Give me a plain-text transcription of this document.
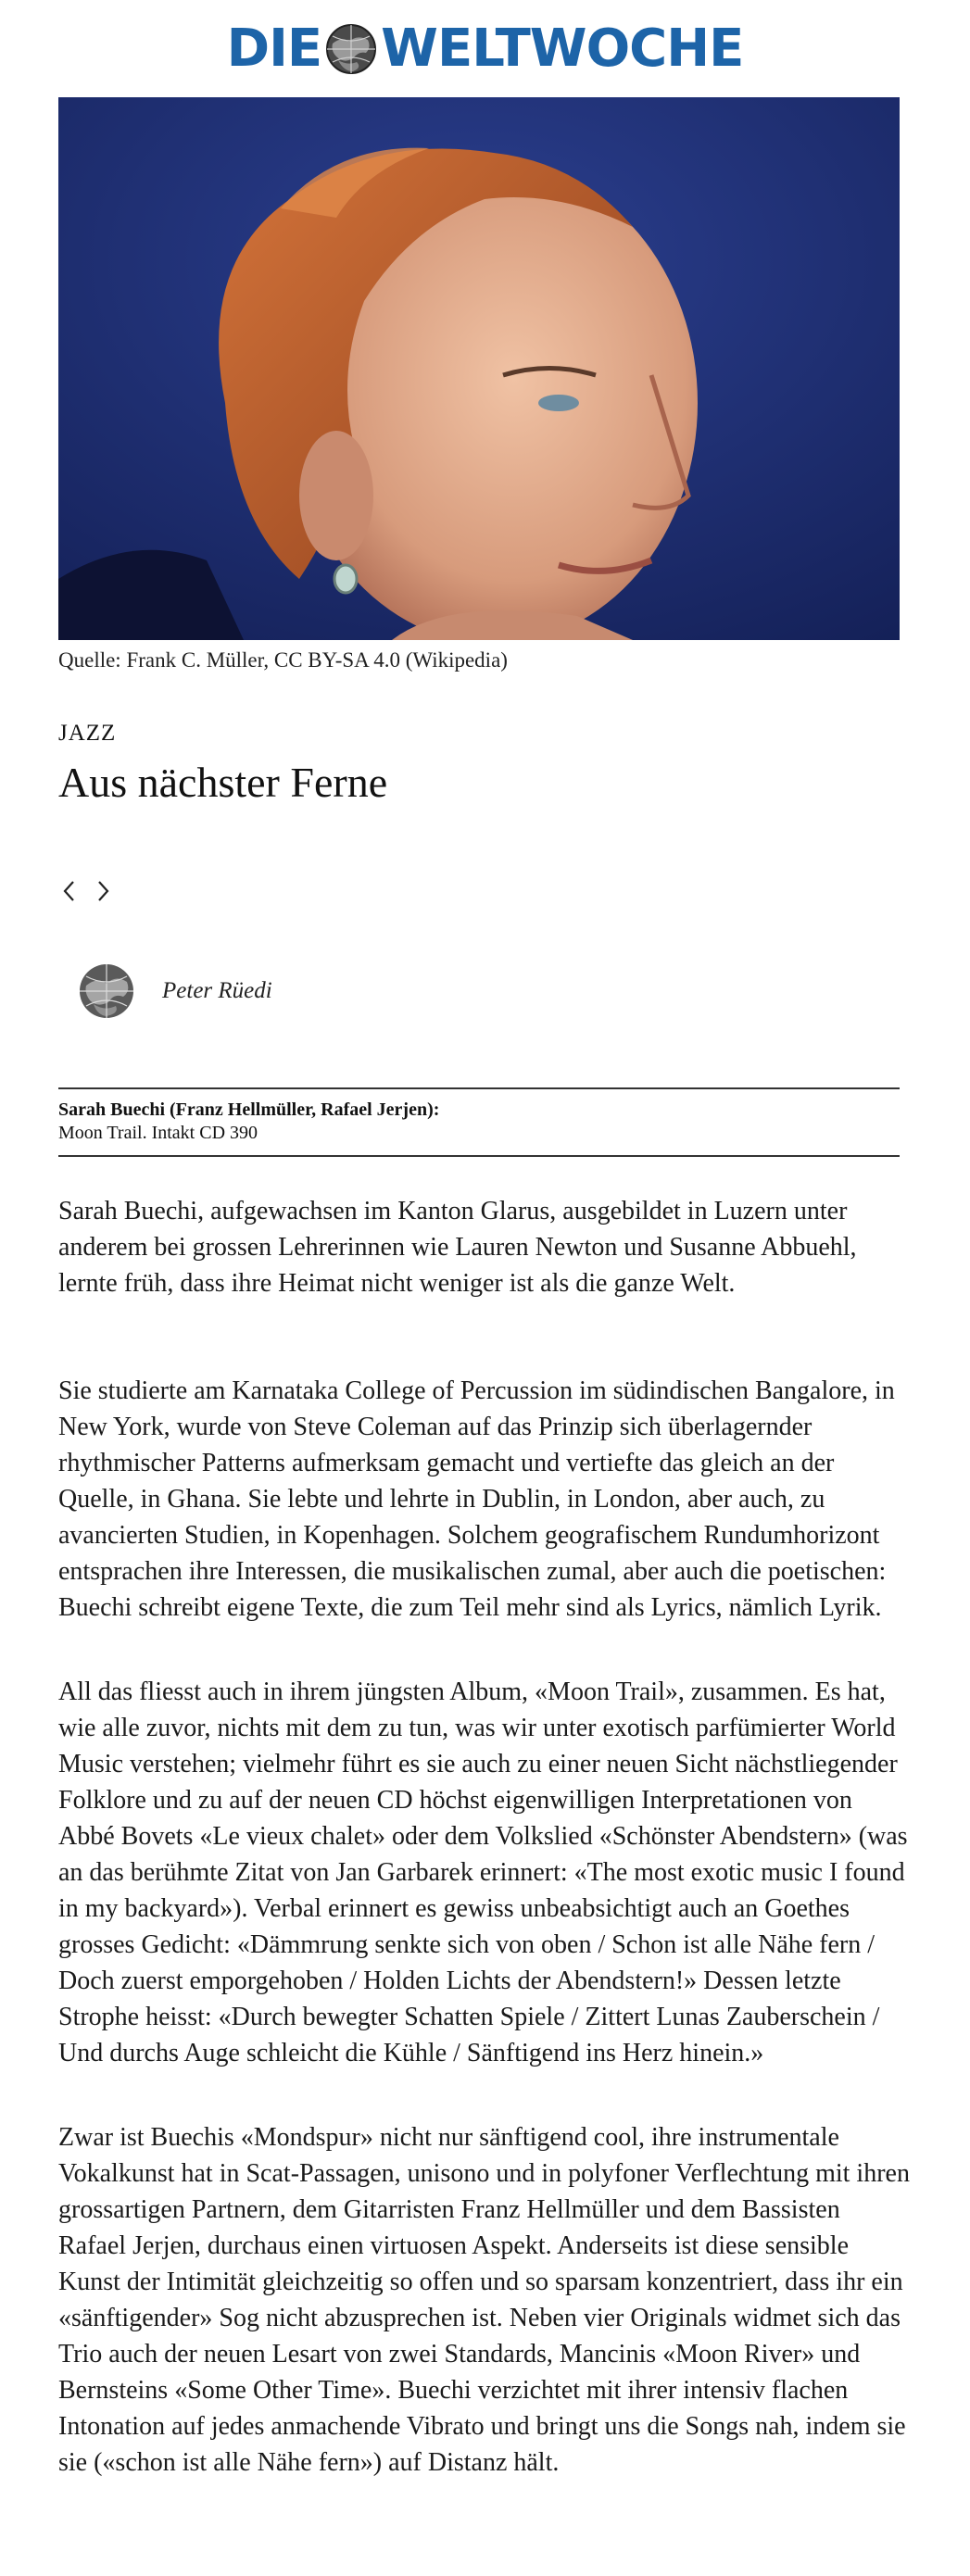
DIE WELTWOCHE

Quelle: Frank C. Müller, CC BY-SA 4.0 (Wikipedia)

JAZZ
Aus nächster Ferne
Peter Rüedi
Sarah Buechi (Franz Hellmüller, Rafael Jerjen):
Moon Trail. Intakt CD 390

Sarah Buechi, aufgewachsen im Kanton Glarus, ausgebildet in Luzern unter anderem bei grossen Lehrerinnen wie Lauren Newton und Susanne Abbuehl, lernte früh, dass ihre Heimat nicht weniger ist als die ganze Welt.

Sie studierte am Karnataka College of Percussion im südindischen Bangalore, in New York, wurde von Steve Coleman auf das Prinzip sich überlagernder rhythmischer Patterns aufmerksam gemacht und vertiefte das gleich an der Quelle, in Ghana. Sie lebte und lehrte in Dublin, in London, aber auch, zu avancierten Studien, in Kopenhagen. Solchem geografischem Rundumhorizont entsprachen ihre Interessen, die musikalischen zumal, aber auch die poetischen: Buechi schreibt eigene Texte, die zum Teil mehr sind als Lyrics, nämlich Lyrik.

All das fliesst auch in ihrem jüngsten Album, «Moon Trail», zusammen. Es hat, wie alle zuvor, nichts mit dem zu tun, was wir unter exotisch parfümierter World Music verstehen; vielmehr führt es sie auch zu einer neuen Sicht nächstliegender Folklore und zu auf der neuen CD höchst eigenwilligen Interpretationen von Abbé Bovets «Le vieux chalet» oder dem Volkslied «Schönster Abendstern» (was an das berühmte Zitat von Jan Garbarek erinnert: «The most exotic music I found in my backyard»). Verbal erinnert es gewiss unbeabsichtigt auch an Goethes grosses Gedicht: «Dämmrung senkte sich von oben / Schon ist alle Nähe fern / Doch zuerst emporgehoben / Holden Lichts der Abendstern!» Dessen letzte Strophe heisst: «Durch bewegter Schatten Spiele / Zittert Lunas Zauberschein / Und durchs Auge schleicht die Kühle / Sänftigend ins Herz hinein.»

Zwar ist Buechis «Mondspur» nicht nur sänftigend cool, ihre instrumentale Vokalkunst hat in Scat-Passagen, unisono und in polyfoner Verflechtung mit ihren grossartigen Partnern, dem Gitarristen Franz Hellmüller und dem Bassisten Rafael Jerjen, durchaus einen virtuosen Aspekt. Anderseits ist diese sensible Kunst der Intimität gleichzeitig so offen und so sparsam konzentriert, dass ihr ein «sänftigender» Sog nicht abzusprechen ist. Neben vier Originals widmet sich das Trio auch der neuen Lesart von zwei Standards, Mancinis «Moon River» und Bernsteins «Some Other Time». Buechi verzichtet mit ihrer intensiv flachen Intonation auf jedes anmachende Vibrato und bringt uns die Songs nah, indem sie sie («schon ist alle Nähe fern») auf Distanz hält.
